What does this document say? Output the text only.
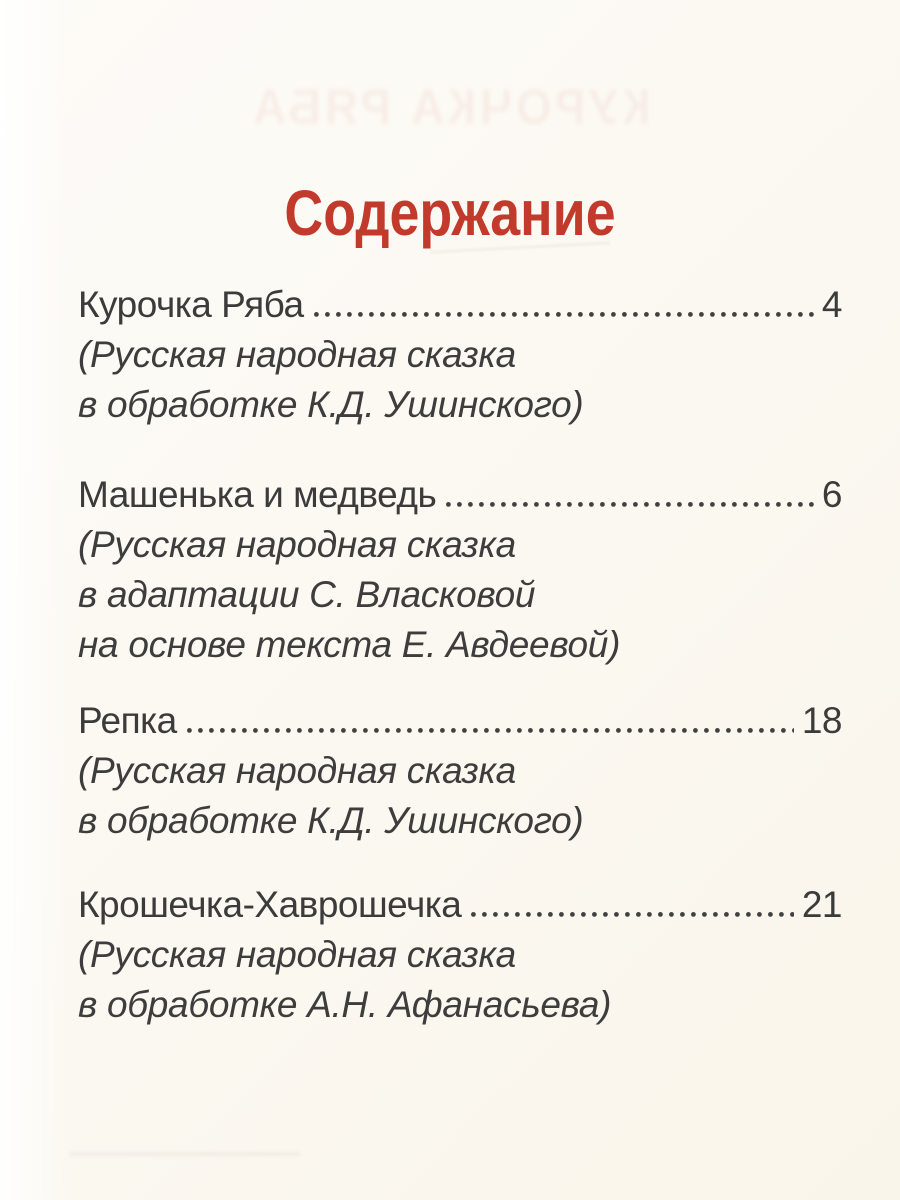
КУРОЧКА РЯБА
Содержание
Курочка Ряба	4
(Русская народная сказка
в обработке К.Д. Ушинского)
Машенька и медведь	6
(Русская народная сказка
в адаптации С. Власковой
на основе текста Е. Авдеевой)
Репка	18
(Русская народная сказка
в обработке К.Д. Ушинского)
Крошечка-Хаврошечка	21
(Русская народная сказка
в обработке А.Н. Афанасьева)
